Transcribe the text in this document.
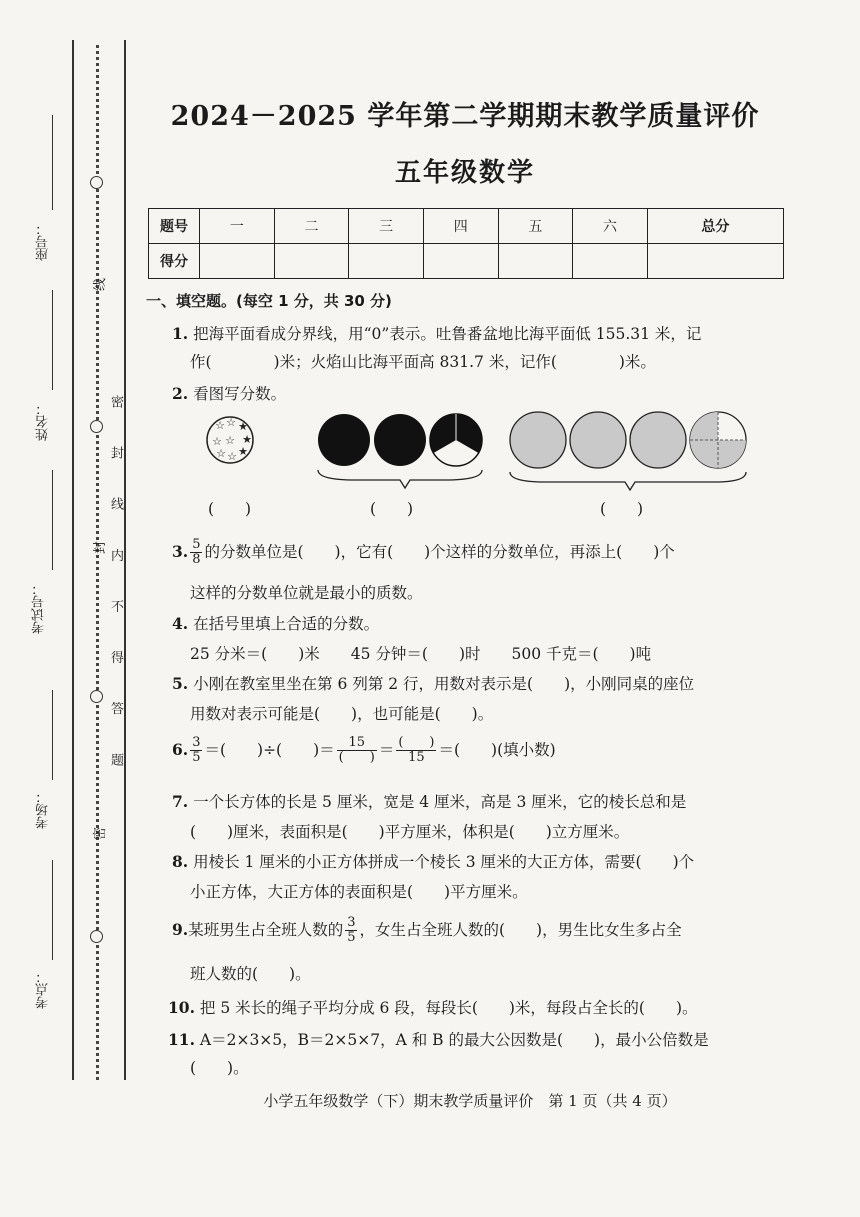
座号：
姓名：
考试号：
考场：
考点：
线
封
密
密 封 线 内 不 得 答 题
2024－2025 学年第二学期期末教学质量评价
五年级数学
题号	一	二	三	四	五	六	总分
得分							
一、填空题。(每空 1 分，共 30 分)
1. 把海平面看成分界线，用“0”表示。吐鲁番盆地比海平面低 155.31 米，记
作(　　　　)米；火焰山比海平面高 831.7 米，记作(　　　　)米。
2. 看图写分数。
☆
☆ ☆ ★
★
★
☆
☆ ☆
(　　)	(　　)	(　　)
3. $\frac{5}{8}$ 的分数单位是(　　)，它有(　　)个这样的分数单位，再添上(　　)个
这样的分数单位就是最小的质数。
4. 在括号里填上合适的分数。
25 分米＝(　　)米　　45 分钟＝(　　)时　　500 千克＝(　　)吨
5. 小刚在教室里坐在第 6 列第 2 行，用数对表示是(　　)，小刚同桌的座位
用数对表示可能是(　　)，也可能是(　　)。
6. $\frac{3}{5}$ ＝(　　)÷(　　)＝ $\frac{15}{( )} = \frac{( )}{15}$ ＝(　　)(填小数)
7. 一个长方体的长是 5 厘米，宽是 4 厘米，高是 3 厘米，它的棱长总和是
(　　)厘米，表面积是(　　)平方厘米，体积是(　　)立方厘米。
8. 用棱长 1 厘米的小正方体拼成一个棱长 3 厘米的大正方体，需要(　　)个
小正方体，大正方体的表面积是(　　)平方厘米。
9.某班男生占全班人数的 $\frac{3}{5}$ ，女生占全班人数的(　　)，男生比女生多占全
班人数的(　　)。
10. 把 5 米长的绳子平均分成 6 段，每段长(　　)米，每段占全长的(　　)。
11. A＝2×3×5，B＝2×5×7，A 和 B 的最大公因数是(　　)，最小公倍数是
(　　)。
小学五年级数学（下）期末教学质量评价　第 1 页（共 4 页）
